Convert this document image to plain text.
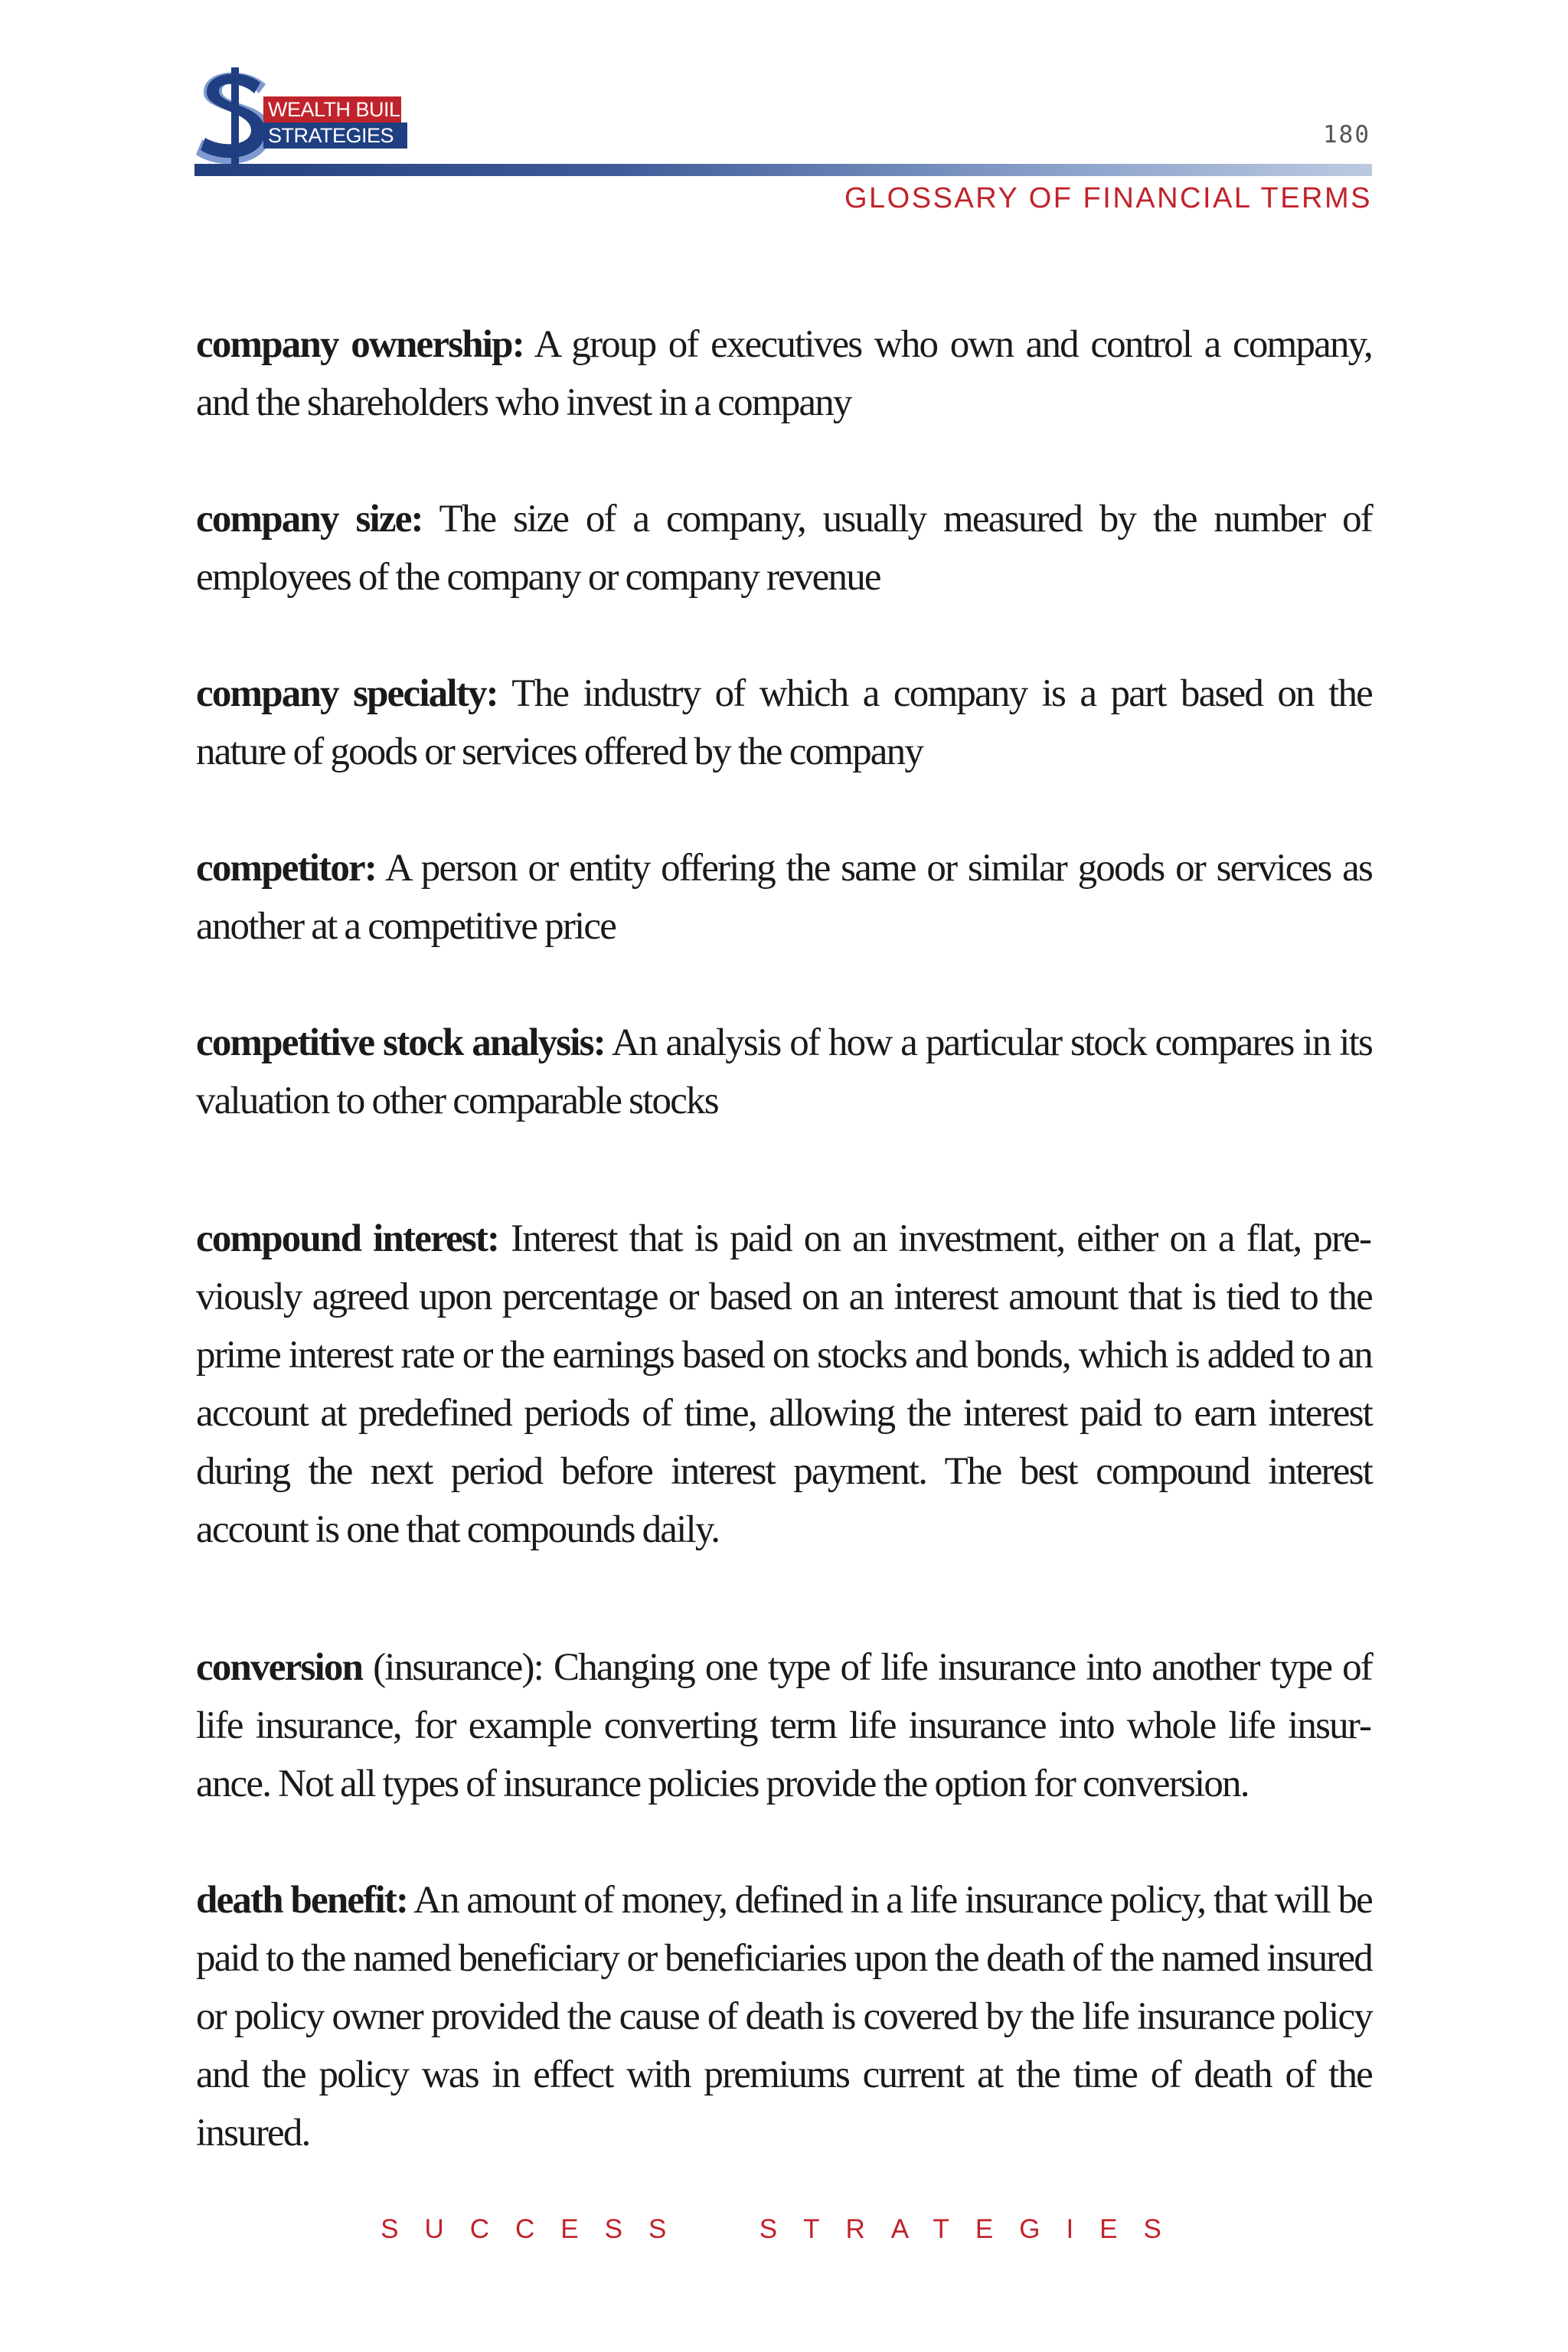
WEALTH BUILDING
STRATEGIES	180
GLOSSARY OF FINANCIAL TERMS
company ownership: A group of executives who own and control a company, and the shareholders who invest in a company
company size: The size of a company, usually measured by the number of employees of the company or company revenue
company specialty: The industry of which a company is a part based on the nature of goods or services offered by the company
competitor: A person or entity offering the same or similar goods or services as another at a competitive price
competitive stock analysis: An analysis of how a particular stock compares in its valuation to other comparable stocks
compound interest: Interest that is paid on an investment, either on a flat, previously agreed upon percentage or based on an interest amount that is tied to the prime interest rate or the earnings based on stocks and bonds, which is added to an account at predefined periods of time, allowing the interest paid to earn interest during the next period before interest payment. The best compound interest account is one that compounds daily.
conversion (insurance): Changing one type of life insurance into another type of life insurance, for example converting term life insurance into whole life insurance. Not all types of insurance policies provide the option for conversion.
death benefit: An amount of money, defined in a life insurance policy, that will be paid to the named beneficiary or beneficiaries upon the death of the named insured or policy owner provided the cause of death is covered by the life insurance policy and the policy was in effect with premiums current at the time of death of the insured.
SUCCESS  STRATEGIES
